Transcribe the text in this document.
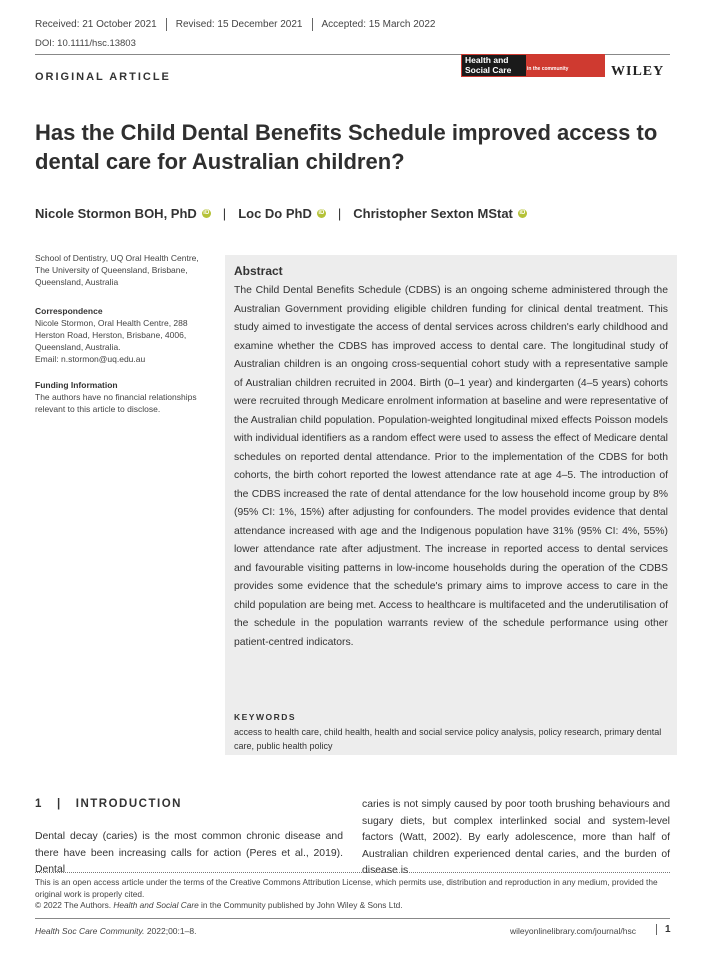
Received: 21 October 2021	Revised: 15 December 2021	Accepted: 15 March 2022
DOI: 10.1111/hsc.13803
ORIGINAL ARTICLE
Health and
Social Care	in the community	WILEY
Has the Child Dental Benefits Schedule improved access to dental care for Australian children?
Nicole Stormon BOH, PhD iD | Loc Do PhD iD | Christopher Sexton MStat iD
School of Dentistry, UQ Oral Health Centre, The University of Queensland, Brisbane, Queensland, Australia
Correspondence
Nicole Stormon, Oral Health Centre, 288 Herston Road, Herston, Brisbane, 4006, Queensland, Australia.
Email: n.stormon@uq.edu.au
Funding Information
The authors have no financial relationships relevant to this article to disclose.
Abstract
The Child Dental Benefits Schedule (CDBS) is an ongoing scheme administered through the Australian Government providing eligible children funding for clinical dental treatment. This study aimed to investigate the access of dental services across children's early childhood and examine whether the CDBS has improved access to dental care. The longitudinal study of Australian children is an ongoing cross-sequential cohort study with a representative sample of Australian children recruited in 2004. Birth (0–1 year) and kindergarten (4–5 years) cohorts were recruited through Medicare enrolment information at baseline and were representative of the Australian child population. Population-weighted longitudinal mixed effects Poisson models with individual identifiers as a random effect were used to assess the effect of Medicare dental schedules on reported dental attendance. Prior to the implementation of the CDBS for both cohorts, the birth cohort reported the lowest attendance rate at age 4–5. The introduction of the CDBS increased the rate of dental attendance for the low household income group by 8% (95% CI: 1%, 15%) after adjusting for confounders. The model provides evidence that dental attendance increased with age and the Indigenous population have 31% (95% CI: 4%, 55%) lower attendance rate after adjustment. The increase in reported access to dental services and favourable visiting patterns in low-income households during the operation of the CDBS provides some evidence that the schedule's primary aims to improve access to care in the child population are being met. Access to healthcare is multifaceted and the underutilisation of the schedule in the population warrants review of the schedule performance using other patient-centred indicators.
KEYWORDS
access to health care, child health, health and social service policy analysis, policy research, primary dental care, public health policy
1   |   INTRODUCTION
Dental decay (caries) is the most common chronic disease and there have been increasing calls for action (Peres et al., 2019). Dental
caries is not simply caused by poor tooth brushing behaviours and sugary diets, but complex interlinked social and system-level factors (Watt, 2002). By early adolescence, more than half of Australian children experienced dental caries, and the burden of disease is
This is an open access article under the terms of the Creative Commons Attribution License, which permits use, distribution and reproduction in any medium, provided the original work is properly cited.
© 2022 The Authors. Health and Social Care in the Community published by John Wiley & Sons Ltd.
Health Soc Care Community. 2022;00:1–8.	wileyonlinelibrary.com/journal/hsc	1
